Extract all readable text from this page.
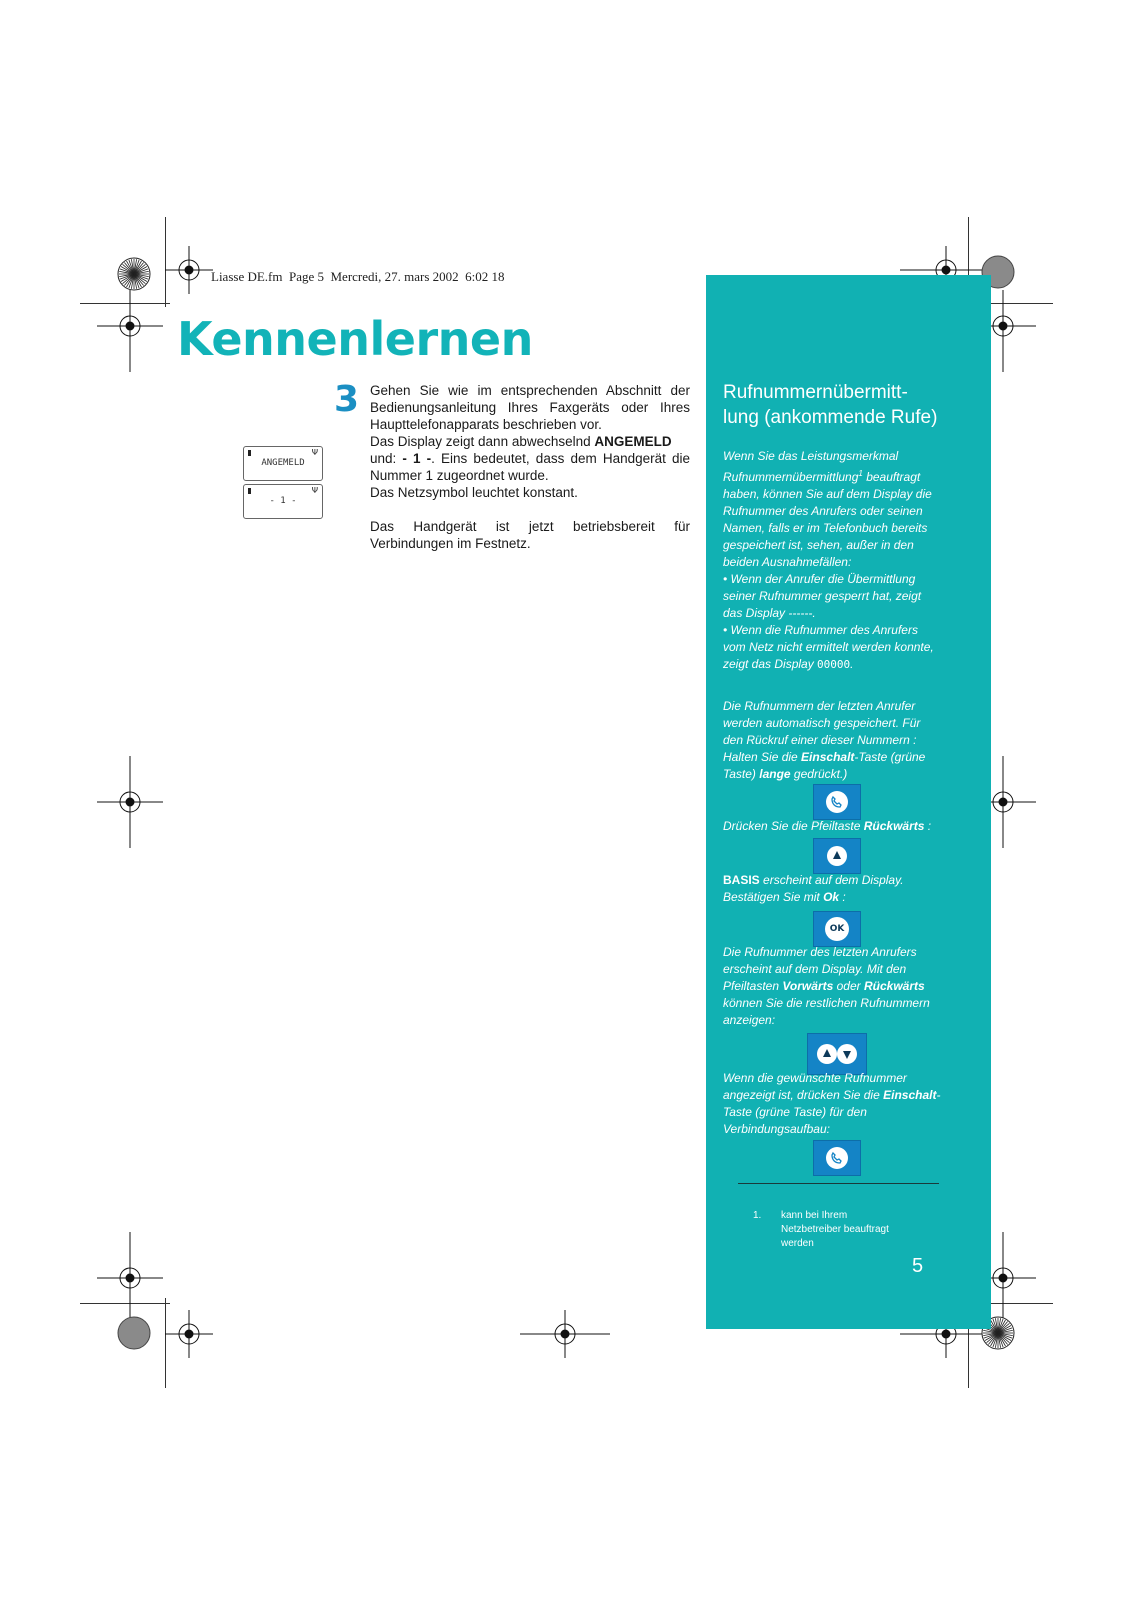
Liasse DE.fm  Page 5  Mercredi, 27. mars 2002  6:02 18
Kennenlernen
3 Gehen Sie wie im entsprechenden Abschnitt der
Bedienungsanleitung Ihres Faxgeräts oder Ihres
Haupttelefonapparats beschrieben vor.
Das Display zeigt dann abwechselnd ANGEMELD
und: - 1 -. Eins bedeutet, dass dem Handgerät die
Nummer 1 zugeordnet wurde.
Das Netzsymbol leuchtet konstant.
Das Handgerät ist jetzt betriebsbereit für
Verbindungen im Festnetz.
Ψ
ANGEMELD
Ψ
- 1 -
Rufnummernübermitt-
lung (ankommende Rufe)
Wenn Sie das Leistungsmerkmal
Rufnummernübermittlung$^1$ beauftragt
haben, können Sie auf dem Display die
Rufnummer des Anrufers oder seinen
Namen, falls er im Telefonbuch bereits
gespeichert ist, sehen, außer in den
beiden Ausnahmefällen:
• Wenn der Anrufer die Übermittlung
seiner Rufnummer gesperrt hat, zeigt
das Display ------.
• Wenn die Rufnummer des Anrufers
vom Netz nicht ermittelt werden konnte,
zeigt das Display 00000.
Die Rufnummern der letzten Anrufer
werden automatisch gespeichert. Für
den Rückruf einer dieser Nummern :
Halten Sie die Einschalt-Taste (grüne
Taste) lange gedrückt.)
Drücken Sie die Pfeiltaste Rückwärts :
BASIS erscheint auf dem Display.
Bestätigen Sie mit Ok :
OK
Die Rufnummer des letzten Anrufers
erscheint auf dem Display. Mit den
Pfeiltasten Vorwärts oder Rückwärts
können Sie die restlichen Rufnummern
anzeigen:
Wenn die gewünschte Rufnummer
angezeigt ist, drücken Sie die Einschalt-
Taste (grüne Taste) für den
Verbindungsaufbau:
1. kann bei Ihrem
Netzbetreiber beauftragt
werden
5
